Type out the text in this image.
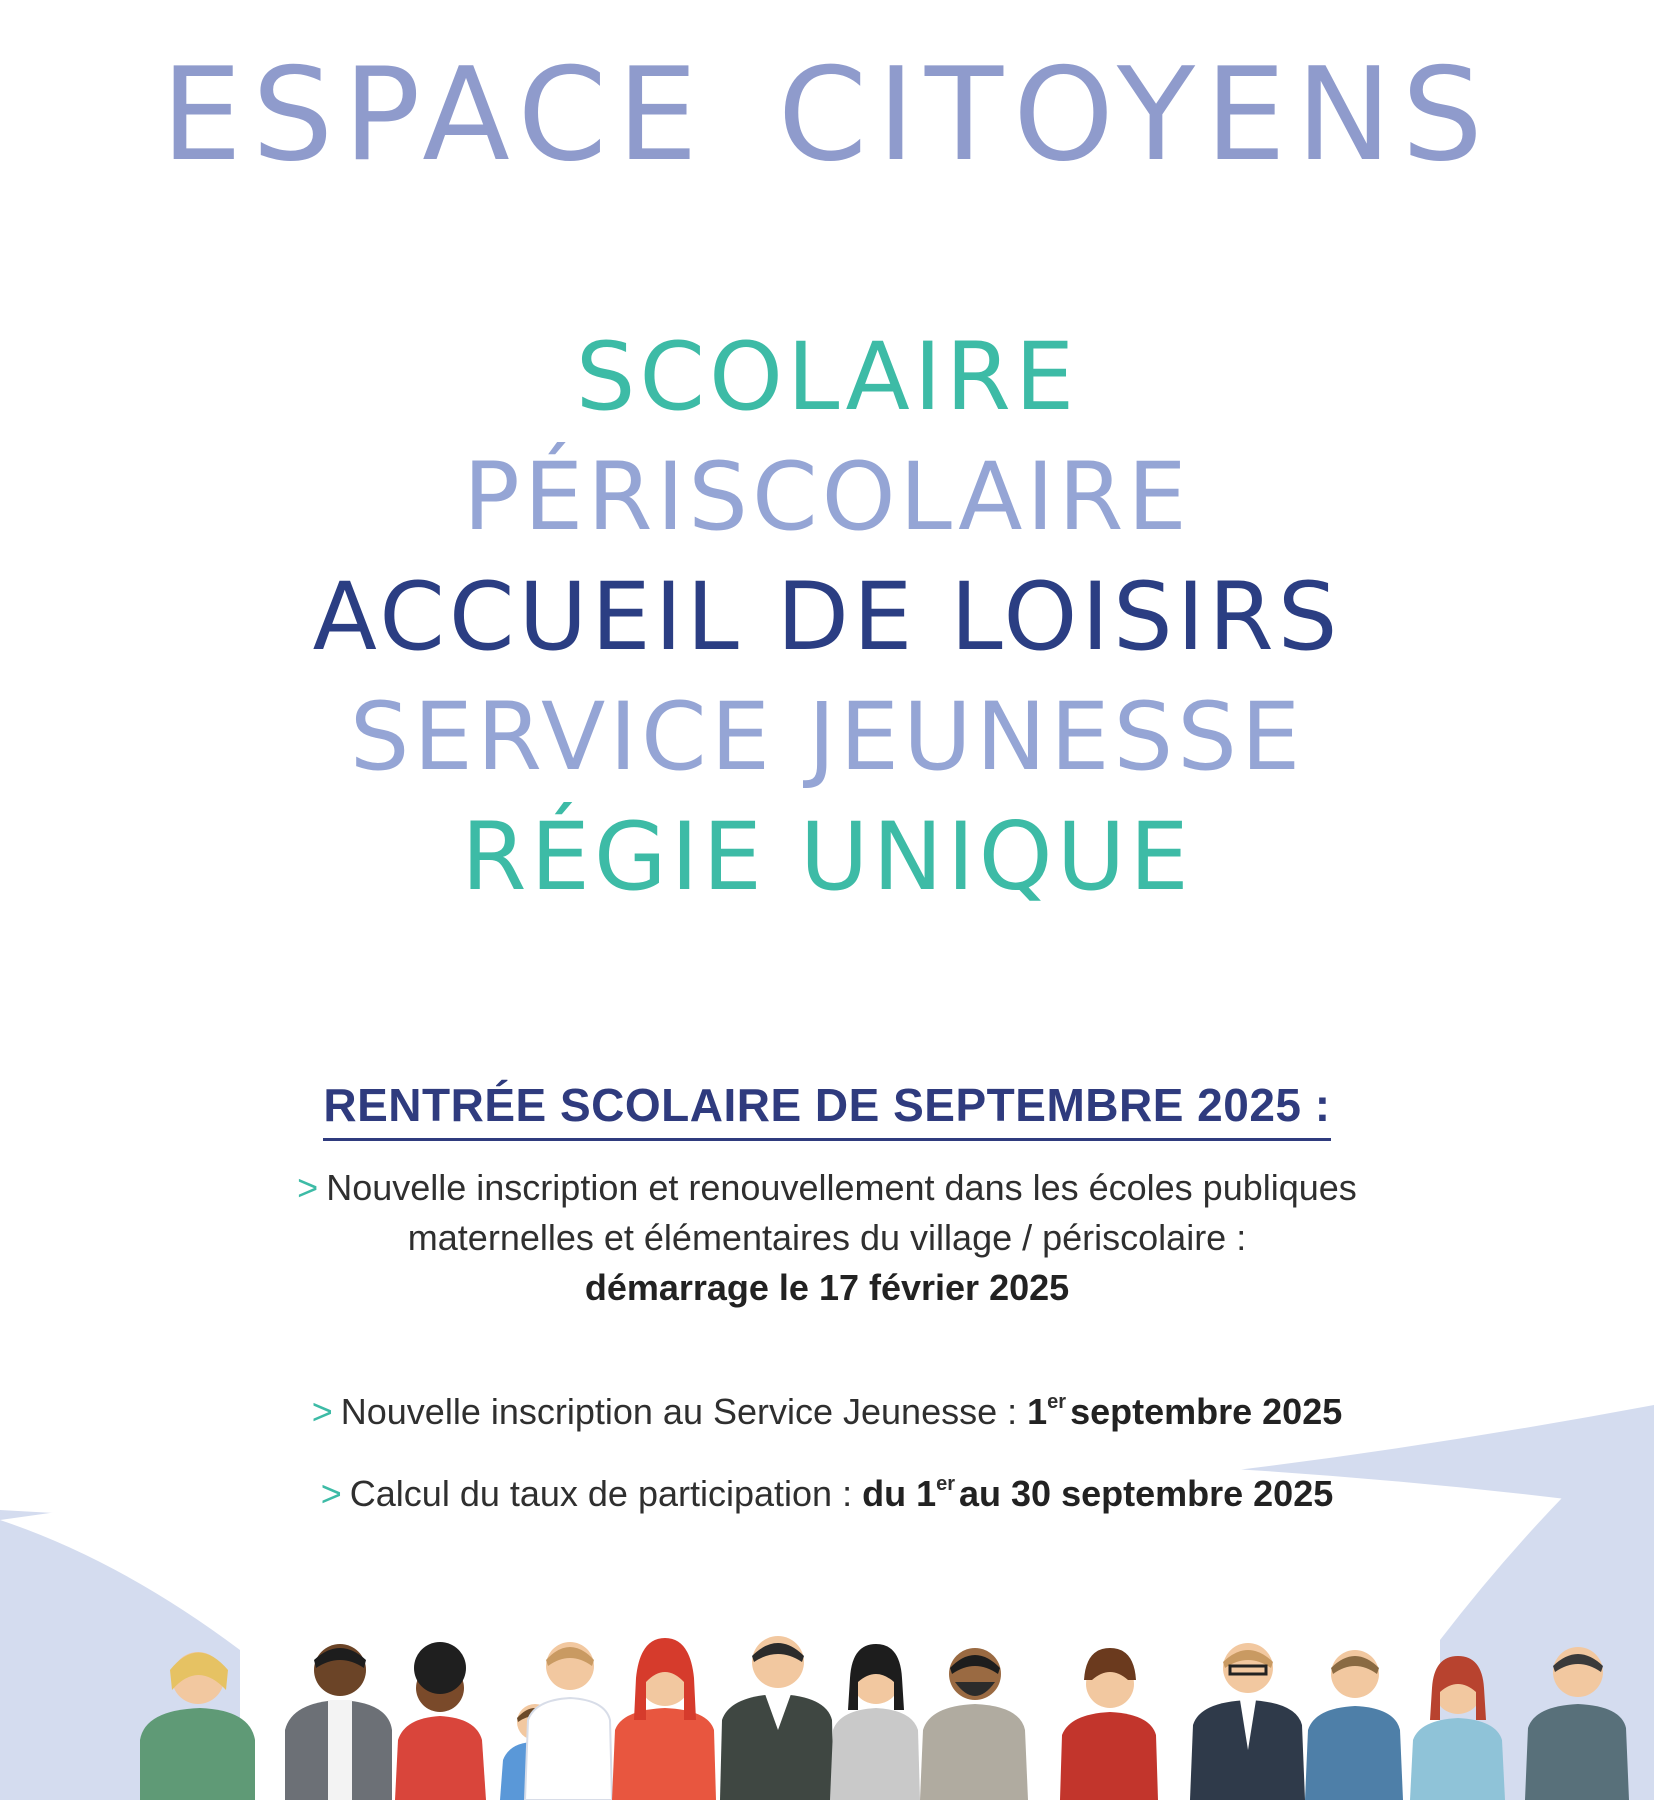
ESPACE CITOYENS
SCOLAIRE
PÉRISCOLAIRE
ACCUEIL DE LOISIRS
SERVICE JEUNESSE
RÉGIE UNIQUE
RENTRÉE SCOLAIRE DE SEPTEMBRE 2025 :
> Nouvelle inscription et renouvellement dans les écoles publiques
maternelles et élémentaires du village / périscolaire :
démarrage le 17 février 2025
> Nouvelle inscription au Service Jeunesse : 1er septembre 2025
> Calcul du taux de participation : du 1er au 30 septembre 2025
